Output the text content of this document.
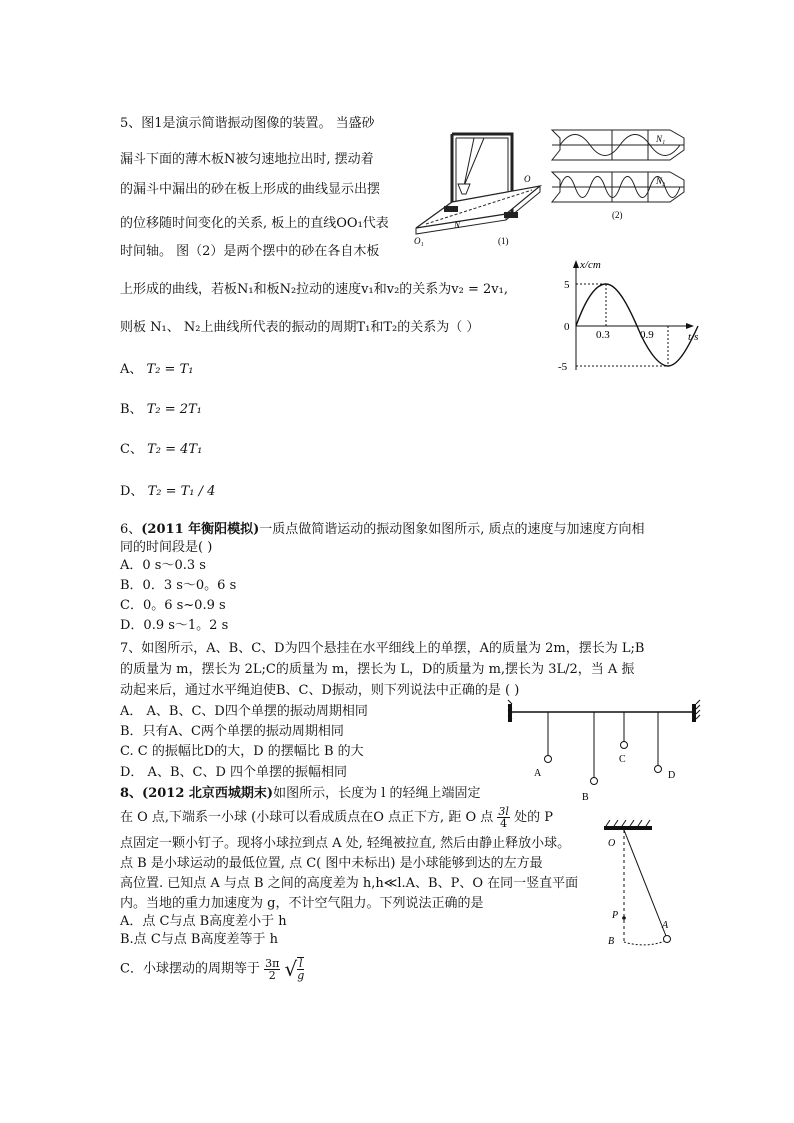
5、图1是演示简谐振动图像的装置。 当盛砂
漏斗下面的薄木板N被匀速地拉出时, 摆动着
的漏斗中漏出的砂在板上形成的曲线显示出摆
的位移随时间变化的关系, 板上的直线OO₁代表
时间轴。 图（2）是两个摆中的砂在各自木板
上形成的曲线，若板N₁和板N₂拉动的速度v₁和v₂的关系为v₂ = 2v₁,
则板 N₁、 N₂上曲线所代表的振动的周期T₁和T₂的关系为（ ）
A、 T₂ = T₁
B、 T₂ = 2T₁
C、 T₂ = 4T₁
D、 T₂ = T₁ / 4
N
O
O₁	(1)
N₁
N₂
(2)
x/cm
t/s
5
0
-5
0.3	0.9
6、(2011 年衡阳模拟)一质点做简谐运动的振动图象如图所示, 质点的速度与加速度方向相
同的时间段是( )
A．0 s～0.3 s
B．0．3 s～0。6 s
C．0。6 s~0.9 s
D．0.9 s～1。2 s
7、如图所示，A、B、C、D为四个悬挂在水平细线上的单摆，A的质量为 2m，摆长为 L;B
的质量为 m，摆长为 2L;C的质量为 m，摆长为 L，D的质量为 m,摆长为 3L/2，当 A 振
动起来后，通过水平绳迫使B、C、D振动，则下列说法中正确的是 ( )
A． A、B、C、D四个单摆的振动周期相同
B．只有A、C两个单摆的振动周期相同
C. C 的振幅比D的大，D 的摆幅比 B 的大
D． A、B、C、D 四个单摆的振幅相同	A
B
C
D
8、(2012 北京西城期末)如图所示，长度为 l 的轻绳上端固定
在 O 点,下端系一小球 (小球可以看成质点在O 点正下方, 距 O 点 $\frac{3l}{4}$ 处的 P
点固定一颗小钉子。现将小球拉到点 A 处, 轻绳被拉直, 然后由静止释放小球。
点 B 是小球运动的最低位置, 点 C( 图中未标出) 是小球能够到达的左方最
高位置. 已知点 A 与点 B 之间的高度差为 h,h≪l.A、B、P、O 在同一竖直平面
内。当地的重力加速度为 g，不计空气阻力。下列说法正确的是
A．点 C与点 B高度差小于 h
B.点 C与点 B高度差等于 h
C．小球摆动的周期等于 $\frac{3\pi}{2}$ √ $\frac{l}{g}$
O
P
A
B
